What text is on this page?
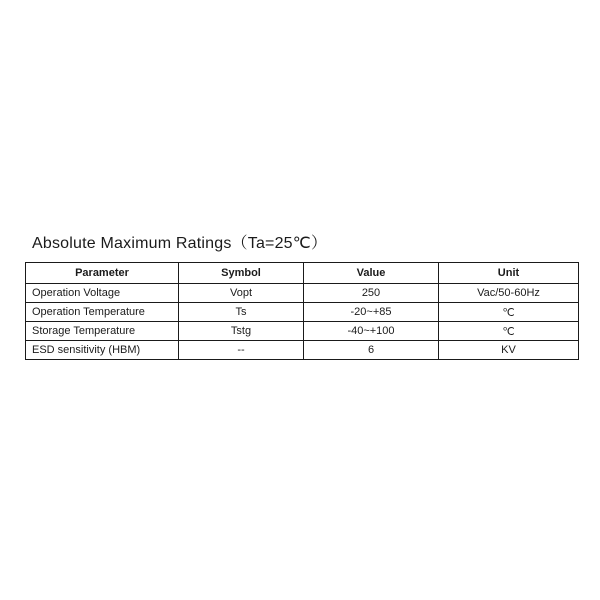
Absolute Maximum Ratings（Ta=25℃）
Parameter	Symbol	Value	Unit
Operation Voltage	Vopt	250	Vac/50-60Hz
Operation Temperature	Ts	-20~+85	℃
Storage Temperature	Tstg	-40~+100	℃
ESD sensitivity (HBM)	--	6	KV
